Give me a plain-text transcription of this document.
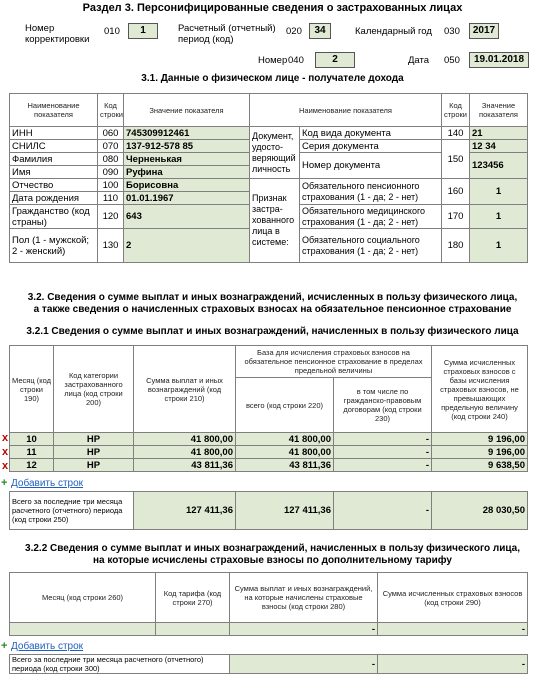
Раздел 3. Персонифицированные сведения о застрахованных лицах
Номер
корректировки
010	1	Расчетный (отчетный)
период (код)
020	34	Календарный год 030	2017
Номер 040	2	Дата 050	19.01.2018
3.1. Данные о физическом лице - получателе дохода
Наименование показателя	Код строки	Значение показателя	Наименование показателя		Код строки	Значение показателя
ИНН	060	745309912461	Документ, удосто-веряющий личность	Код вида документа	140	21
СНИЛС	070	137-912-578 85		Серия документа	150	12 34
Фамилия	080	Черненькая		Номер документа		123456
Имя	090	Руфина				
Отчество	100	Борисовна	Признак застра-хованного лица в системе:	Обязательного пенсионного страхования (1 - да; 2 - нет)	160	1
Дата рождения	110	01.01.1967				
Гражданство (код страны)	120	643		Обязательного медицинского страхования (1 - да; 2 - нет)	170	1
Пол (1 - мужской; 2 - женский)	130	2		Обязательного социального страхования (1 - да; 2 - нет)	180	1
3.2. Сведения о сумме выплат и иных вознаграждений, исчисленных в пользу физического лица,
а также сведения о начисленных страховых взносах на обязательное пенсионное страхование
3.2.1 Сведения о сумме выплат и иных вознаграждений, начисленных в пользу физического лица
Месяц (код строки 190)	Код категории застрахованного лица (код строки 200)	Сумма выплат и иных вознаграждений (код строки 210)	База для исчисления страховых взносов на обязательное пенсионное страхование в пределах предельной величины		Сумма исчисленных страховых взносов с базы исчисления страховых взносов, не превышающих предельную величину (код строки 240)
			всего (код строки 220)	в том числе по гражданско-правовым договорам (код строки 230)	
10	НР	41 800,00	41 800,00	-	9 196,00
11	НР	41 800,00	41 800,00	-	9 196,00
12	НР	43 811,36	43 811,36	-	9 638,50
x
x
x
+ Добавить строк
Всего за последние три месяца расчетного (отчетного) периода (код строки 250)	127 411,36	127 411,36	-	28 030,50
3.2.2 Сведения о сумме выплат и иных вознаграждений, начисленных в пользу физического лица,
на которые исчислены страховые взносы по дополнительному тарифу
Месяц (код строки 260)	Код тарифа (код строки 270)	Сумма выплат и иных вознаграждений, на которые начислены страховые взносы (код строки 280)	Сумма исчисленных страховых взносов (код строки 290)
		-	-
+ Добавить строк
Всего за последние три месяца расчетного (отчетного) периода (код строки 300)	-	-
